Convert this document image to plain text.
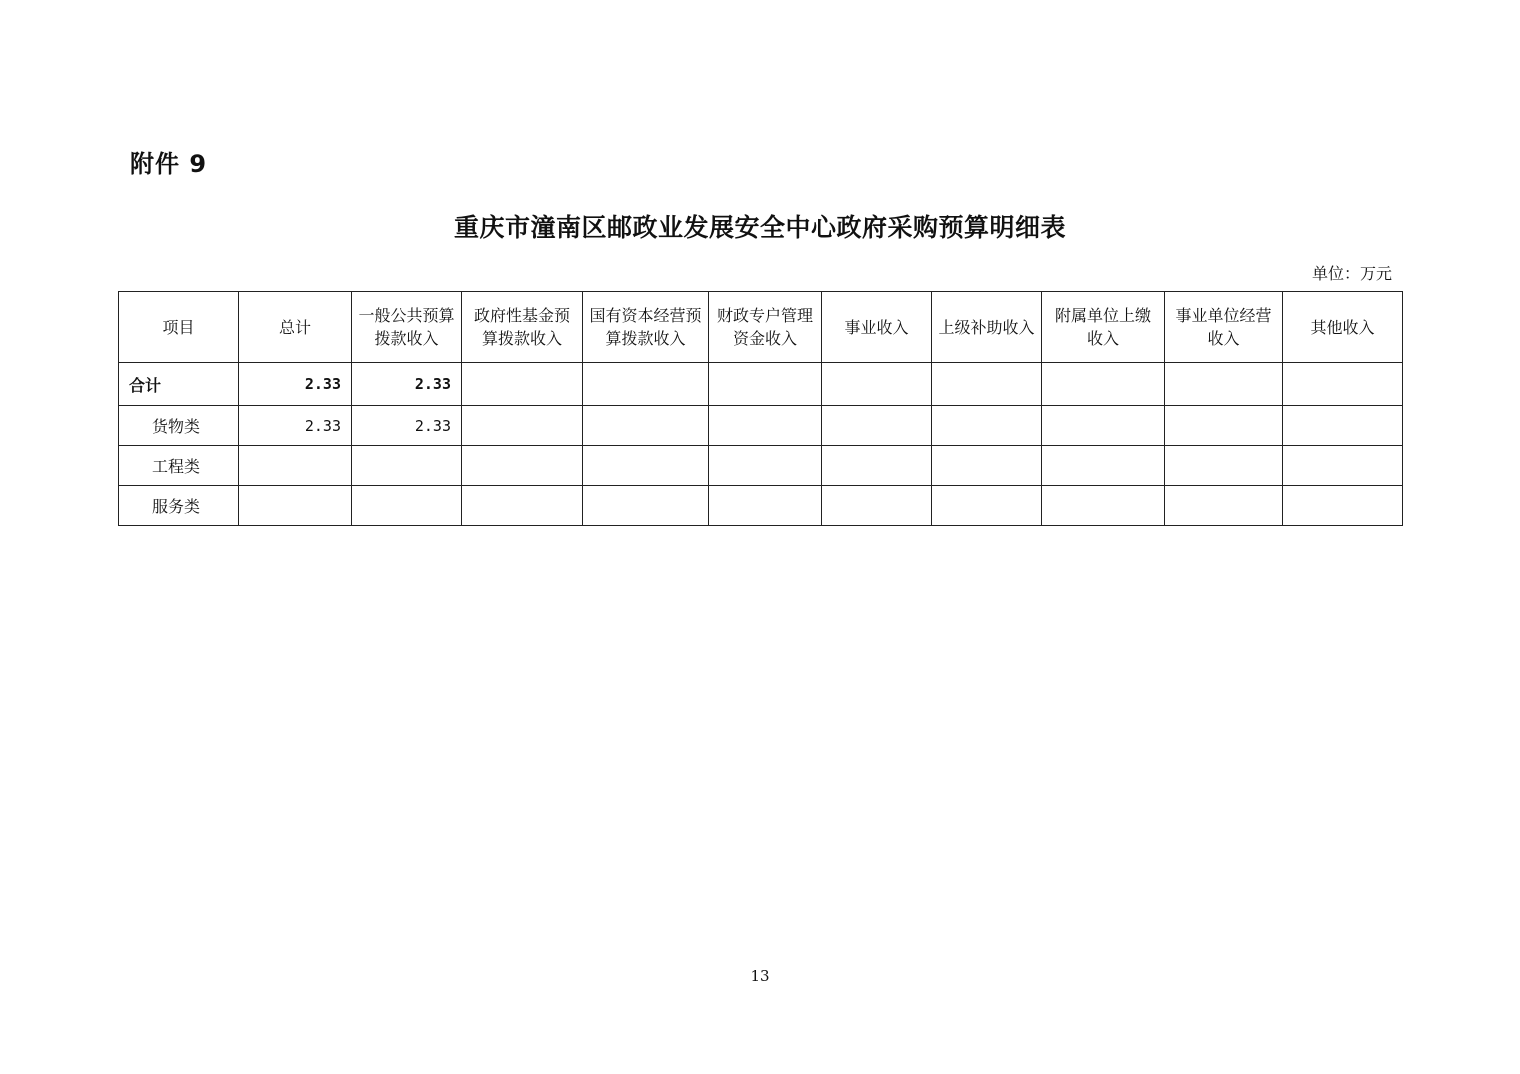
附件 9
重庆市潼南区邮政业发展安全中心政府采购预算明细表
单位：万元
项目	总计	一般公共预算拨款收入	政府性基金预算拨款收入	国有资本经营预算拨款收入	财政专户管理资金收入	事业收入	上级补助收入	附属单位上缴收入	事业单位经营收入	其他收入
合计	2.33	2.33								
货物类	2.33	2.33								
工程类										
服务类										
13
